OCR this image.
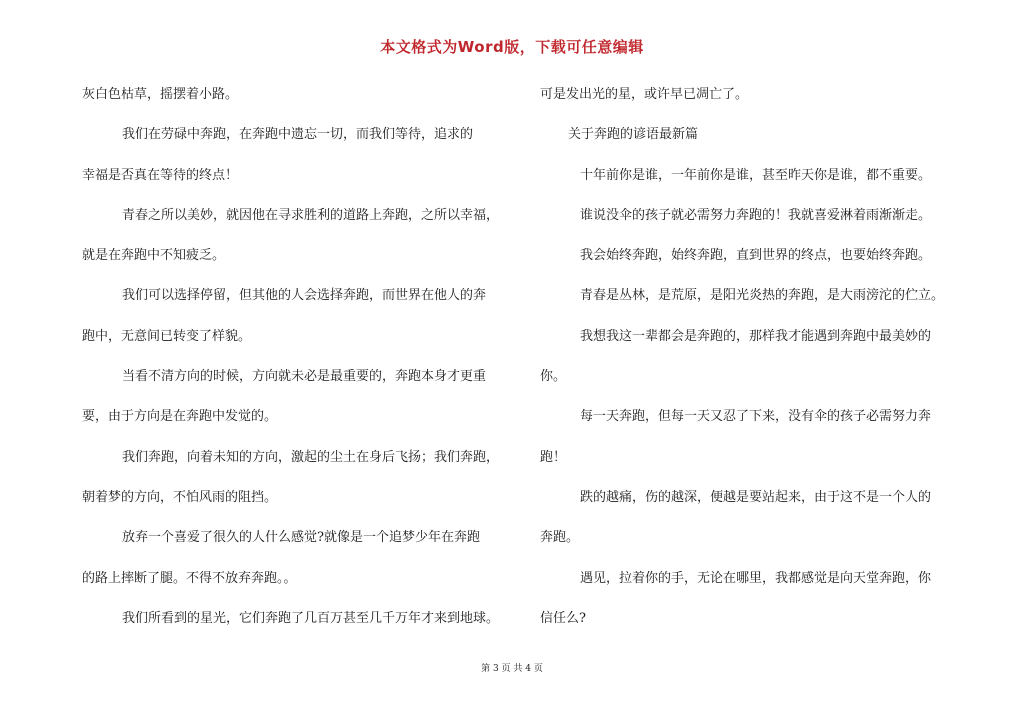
本文格式为Word版，下载可任意编辑
灰白色枯草，摇摆着小路。
我们在劳碌中奔跑，在奔跑中遗忘一切，而我们等待，追求的
幸福是否真在等待的终点！
青春之所以美妙，就因他在寻求胜利的道路上奔跑，之所以幸福，
就是在奔跑中不知疲乏。
我们可以选择停留，但其他的人会选择奔跑，而世界在他人的奔
跑中，无意间已转变了样貌。
当看不清方向的时候，方向就未必是最重要的，奔跑本身才更重
要，由于方向是在奔跑中发觉的。
我们奔跑，向着未知的方向，激起的尘土在身后飞扬；我们奔跑，
朝着梦的方向，不怕风雨的阻挡。
放弃一个喜爱了很久的人什么感觉?就像是一个追梦少年在奔跑
的路上摔断了腿。不得不放弃奔跑。。
我们所看到的星光，它们奔跑了几百万甚至几千万年才来到地球。
可是发出光的星，或许早已凋亡了。
关于奔跑的谚语最新篇
十年前你是谁，一年前你是谁，甚至昨天你是谁，都不重要。
谁说没伞的孩子就必需努力奔跑的！我就喜爱淋着雨渐渐走。
我会始终奔跑，始终奔跑，直到世界的终点，也要始终奔跑。
青春是丛林，是荒原，是阳光炎热的奔跑，是大雨滂沱的伫立。
我想我这一辈都会是奔跑的，那样我才能遇到奔跑中最美妙的
你。
每一天奔跑，但每一天又忍了下来，没有伞的孩子必需努力奔
跑！
跌的越痛，伤的越深，便越是要站起来，由于这不是一个人的
奔跑。
遇见，拉着你的手，无论在哪里，我都感觉是向天堂奔跑，你
信任么?
第 3 页 共 4 页
